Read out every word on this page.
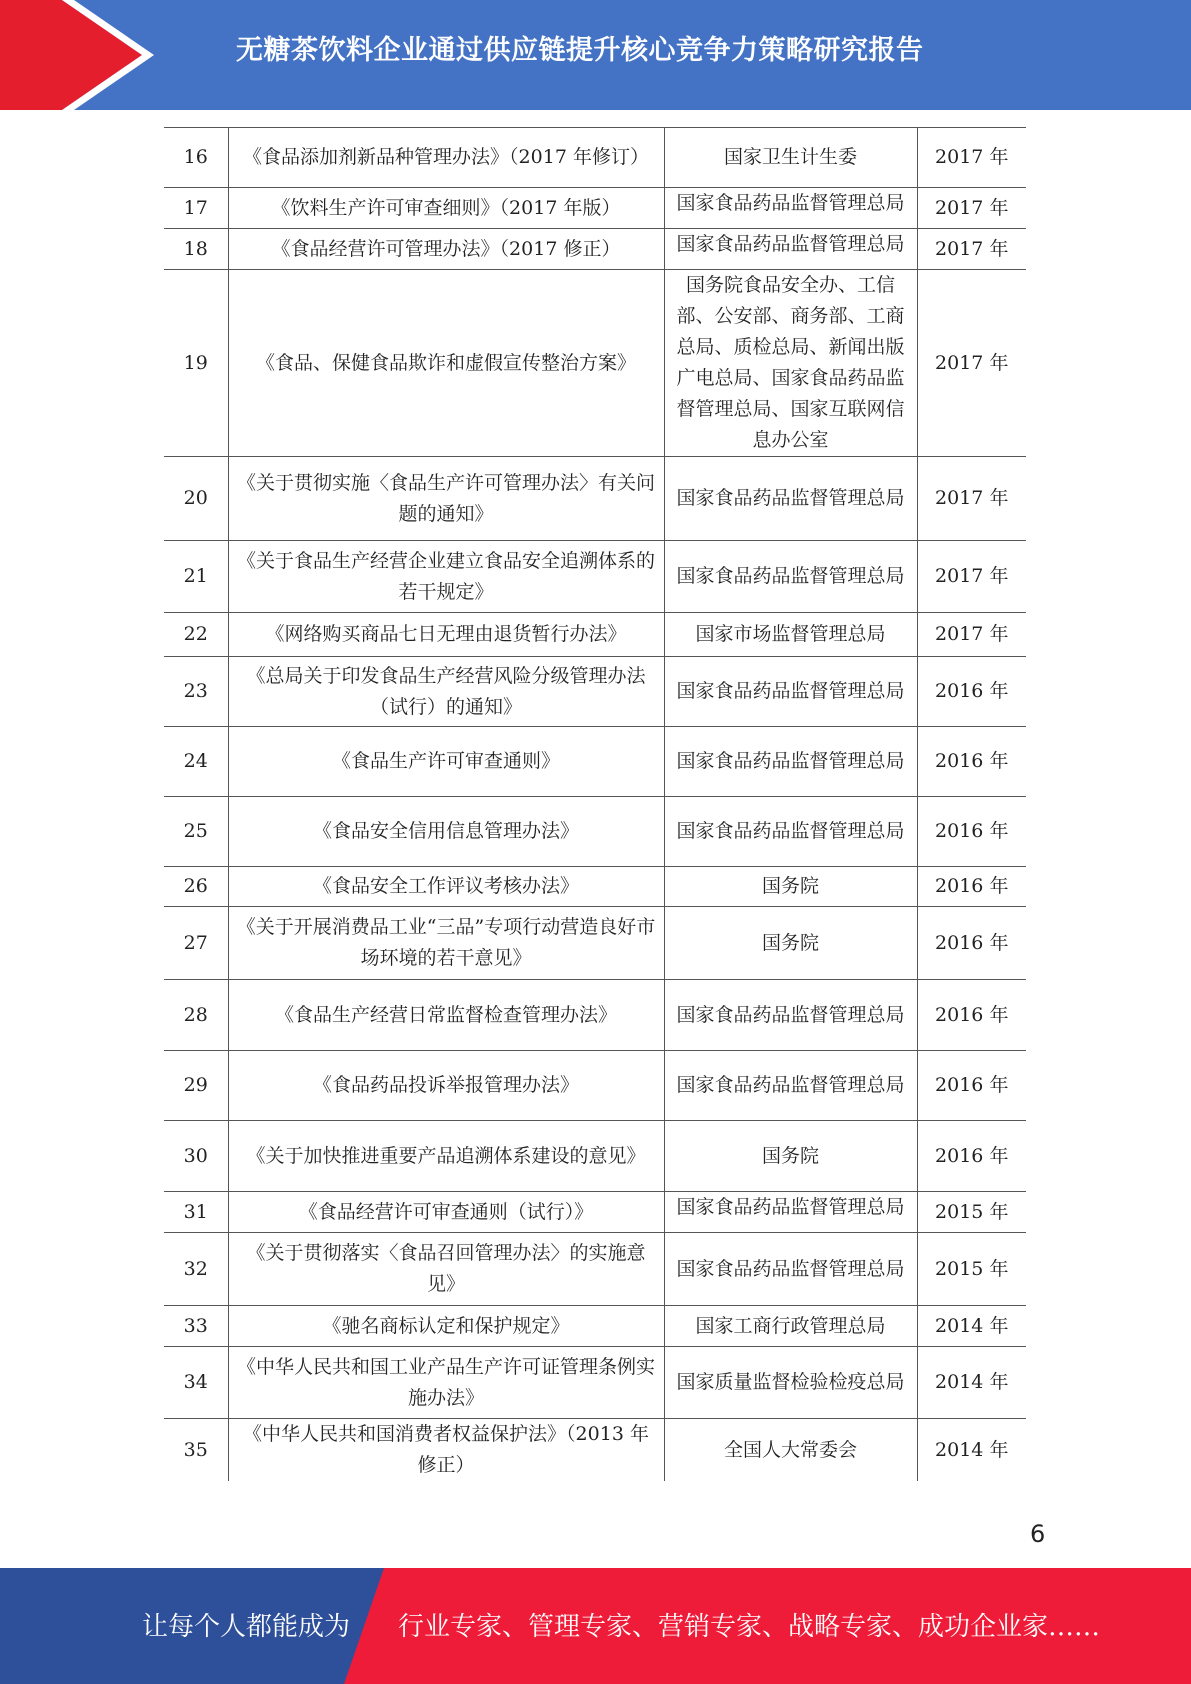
无糖茶饮料企业通过供应链提升核心竞争力策略研究报告
16	《食品添加剂新品种管理办法》（2017 年修订）	国家卫生计生委	2017 年
17	《饮料生产许可审查细则》（2017 年版）	国家食品药品监督管理总局	2017 年
18	《食品经营许可管理办法》（2017 修正）	国家食品药品监督管理总局	2017 年
19	《食品、保健食品欺诈和虚假宣传整治方案》	国务院食品安全办、工信部、公安部、商务部、工商总局、质检总局、新闻出版广电总局、国家食品药品监督管理总局、国家互联网信息办公室	2017 年
20	《关于贯彻实施〈食品生产许可管理办法〉有关问题的通知》	国家食品药品监督管理总局	2017 年
21	《关于食品生产经营企业建立食品安全追溯体系的若干规定》	国家食品药品监督管理总局	2017 年
22	《网络购买商品七日无理由退货暂行办法》	国家市场监督管理总局	2017 年
23	《总局关于印发食品生产经营风险分级管理办法（试行）的通知》	国家食品药品监督管理总局	2016 年
24	《食品生产许可审查通则》	国家食品药品监督管理总局	2016 年
25	《食品安全信用信息管理办法》	国家食品药品监督管理总局	2016 年
26	《食品安全工作评议考核办法》	国务院	2016 年
27	《关于开展消费品工业“三品”专项行动营造良好市场环境的若干意见》	国务院	2016 年
28	《食品生产经营日常监督检查管理办法》	国家食品药品监督管理总局	2016 年
29	《食品药品投诉举报管理办法》	国家食品药品监督管理总局	2016 年
30	《关于加快推进重要产品追溯体系建设的意见》	国务院	2016 年
31	《食品经营许可审查通则（试行）》	国家食品药品监督管理总局	2015 年
32	《关于贯彻落实〈食品召回管理办法〉的实施意见》	国家食品药品监督管理总局	2015 年
33	《驰名商标认定和保护规定》	国家工商行政管理总局	2014 年
34	《中华人民共和国工业产品生产许可证管理条例实施办法》	国家质量监督检验检疫总局	2014 年
35	《中华人民共和国消费者权益保护法》（2013 年修正）	全国人大常委会	2014 年
6
让每个人都能成为 行业专家、管理专家、营销专家、战略专家、成功企业家……
